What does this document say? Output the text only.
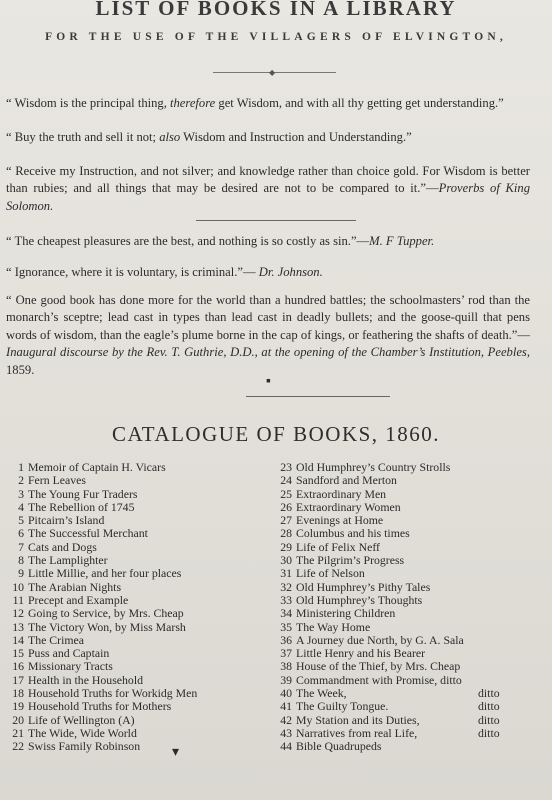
LIST OF BOOKS IN A LIBRARY
FOR THE USE OF THE VILLAGERS OF ELVINGTON,
◆
“ Wisdom is the principal thing, therefore get Wisdom, and with all thy getting get understanding.”
“ Buy the truth and sell it not; also Wisdom and Instruction and Understanding.”
“ Receive my Instruction, and not silver; and knowledge rather than choice gold. For Wisdom is better than rubies; and all things that may be desired are not to be compared to it.”—Proverbs of King Solomon.
“ The cheapest pleasures are the best, and nothing is so costly as sin.”—M. F Tupper.
“ Ignorance, where it is voluntary, is criminal.”— Dr. Johnson.
“ One good book has done more for the world than a hundred battles; the schoolmasters’ rod than the monarch’s sceptre; lead cast in types than lead cast in deadly bullets; and the goose-quill that pens words of wisdom, than the eagle’s plume borne in the cap of kings, or feathering the shafts of death.”—Inaugural discourse by the Rev. T. Guthrie, D.D., at the opening of the Chamber’s Institution, Peebles, 1859.
▪
CATALOGUE OF BOOKS, 1860.
1 Memoir of Captain H. Vicars
2 Fern Leaves
3 The Young Fur Traders
4 The Rebellion of 1745
5 Pitcairn’s Island
6 The Successful Merchant
7 Cats and Dogs
8 The Lamplighter
9 Little Millie, and her four places
10 The Arabian Nights
11 Precept and Example
12 Going to Service, by Mrs. Cheap
13 The Victory Won, by Miss Marsh
14 The Crimea
15 Puss and Captain
16 Missionary Tracts
17 Health in the Household
18 Household Truths for Workidg Men
19 Household Truths for Mothers
20 Life of Wellington (A)
21 The Wide, Wide World
22 Swiss Family Robinson
23 Old Humphrey’s Country Strolls
24 Sandford and Merton
25 Extraordinary Men
26 Extraordinary Women
27 Evenings at Home
28 Columbus and his times
29 Life of Felix Neff
30 The Pilgrim’s Progress
31 Life of Nelson
32 Old Humphrey’s Pithy Tales
33 Old Humphrey’s Thoughts
34 Ministering Children
35 The Way Home
36 A Journey due North, by G. A. Sala
37 Little Henry and his Bearer
38 House of the Thief, by Mrs. Cheap
39 Commandment with Promise, ditto
40 The Week,	ditto
41 The Guilty Tongue.	ditto
42 My Station and its Duties,	ditto
43 Narratives from real Life,	ditto
44 Bible Quadrupeds
▾
